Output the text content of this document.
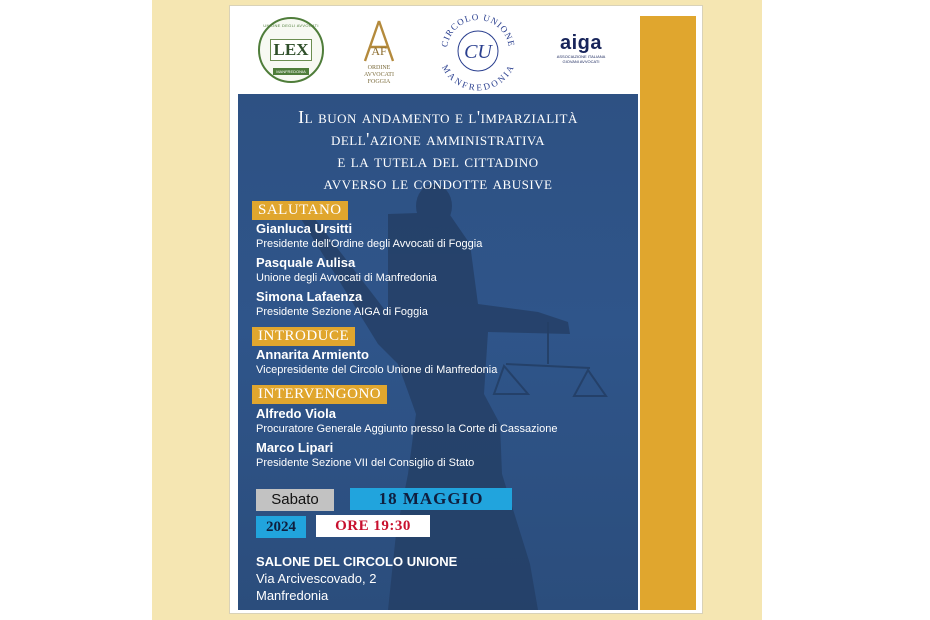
UNIONE DEGLI AVVOCATI
LEX
MANFREDONIA
AF
ORDINE
AVVOCATI
FOGGIA
CIRCOLO UNIONE
MANFREDONIA
CU	aiga
ASSOCIAZIONE ITALIANA
GIOVANI AVVOCATI
Il buon andamento e l'imparzialità
dell'azione amministrativa
e la tutela del cittadino
avverso le condotte abusive
SALUTANO
Gianluca Ursitti
Presidente dell'Ordine degli Avvocati di Foggia
Pasquale Aulisa
Unione degli Avvocati di Manfredonia
Simona Lafaenza
Presidente Sezione AIGA di Foggia
INTRODUCE
Annarita Armiento
Vicepresidente del Circolo Unione di Manfredonia
INTERVENGONO
Alfredo Viola
Procuratore Generale Aggiunto presso la Corte di Cassazione
Marco Lipari
Presidente Sezione VII del Consiglio di Stato
Sabato	18 MAGGIO
2024	ORE 19:30
SALONE DEL CIRCOLO UNIONE
Via Arcivescovado, 2
Manfredonia
